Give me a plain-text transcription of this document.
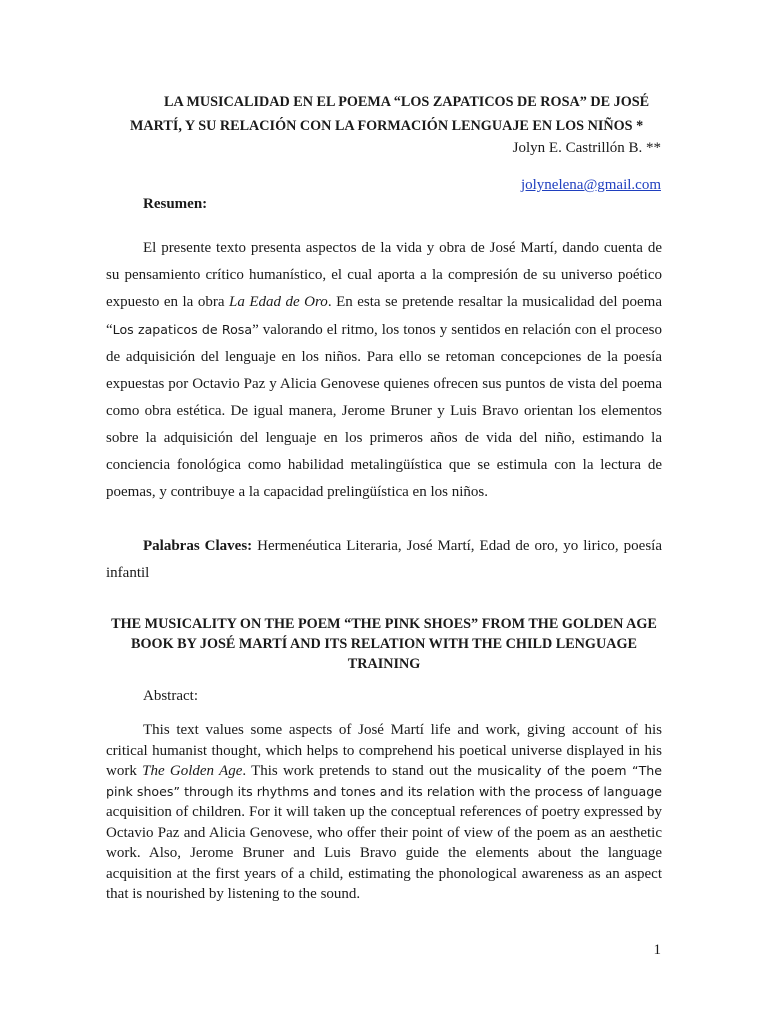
LA MUSICALIDAD EN EL POEMA “LOS ZAPATICOS DE ROSA” DE JOSÉ
MARTÍ, Y SU RELACIÓN CON LA FORMACIÓN LENGUAJE EN LOS NIÑOS *
Jolyn E. Castrillón B. **
jolynelena@gmail.com
Resumen:
El presente texto presenta aspectos de la vida y obra de José Martí, dando cuenta de su pensamiento crítico humanístico, el cual aporta a la compresión de su universo poético expuesto en la obra La Edad de Oro. En esta se pretende resaltar la musicalidad del poema “Los zapaticos de Rosa” valorando el ritmo, los tonos y sentidos en relación con el proceso de adquisición del lenguaje en los niños. Para ello se retoman concepciones de la poesía expuestas por Octavio Paz y Alicia Genovese quienes ofrecen sus puntos de vista del poema como obra estética. De igual manera, Jerome Bruner y Luis Bravo orientan los elementos sobre la adquisición del lenguaje en los primeros años de vida del niño, estimando la conciencia fonológica como habilidad metalingüística que se estimula con la lectura de poemas, y contribuye a la capacidad prelingüística en los niños.
Palabras Claves: Hermenéutica Literaria, José Martí, Edad de oro, yo lirico, poesía infantil
THE MUSICALITY ON THE POEM “THE PINK SHOES” FROM THE GOLDEN AGE BOOK BY JOSÉ MARTÍ AND ITS RELATION WITH THE CHILD LENGUAGE TRAINING
Abstract:
This text values some aspects of José Martí life and work, giving account of his critical humanist thought, which helps to comprehend his poetical universe displayed in his work The Golden Age. This work pretends to stand out the musicality of the poem “The pink shoes” through its rhythms and tones and its relation with the process of language acquisition of children. For it will taken up the conceptual references of poetry expressed by Octavio Paz and Alicia Genovese, who offer their point of view of the poem as an aesthetic work. Also, Jerome Bruner and Luis Bravo guide the elements about the language acquisition at the first years of a child, estimating the phonological awareness as an aspect that is nourished by listening to the sound.
1
